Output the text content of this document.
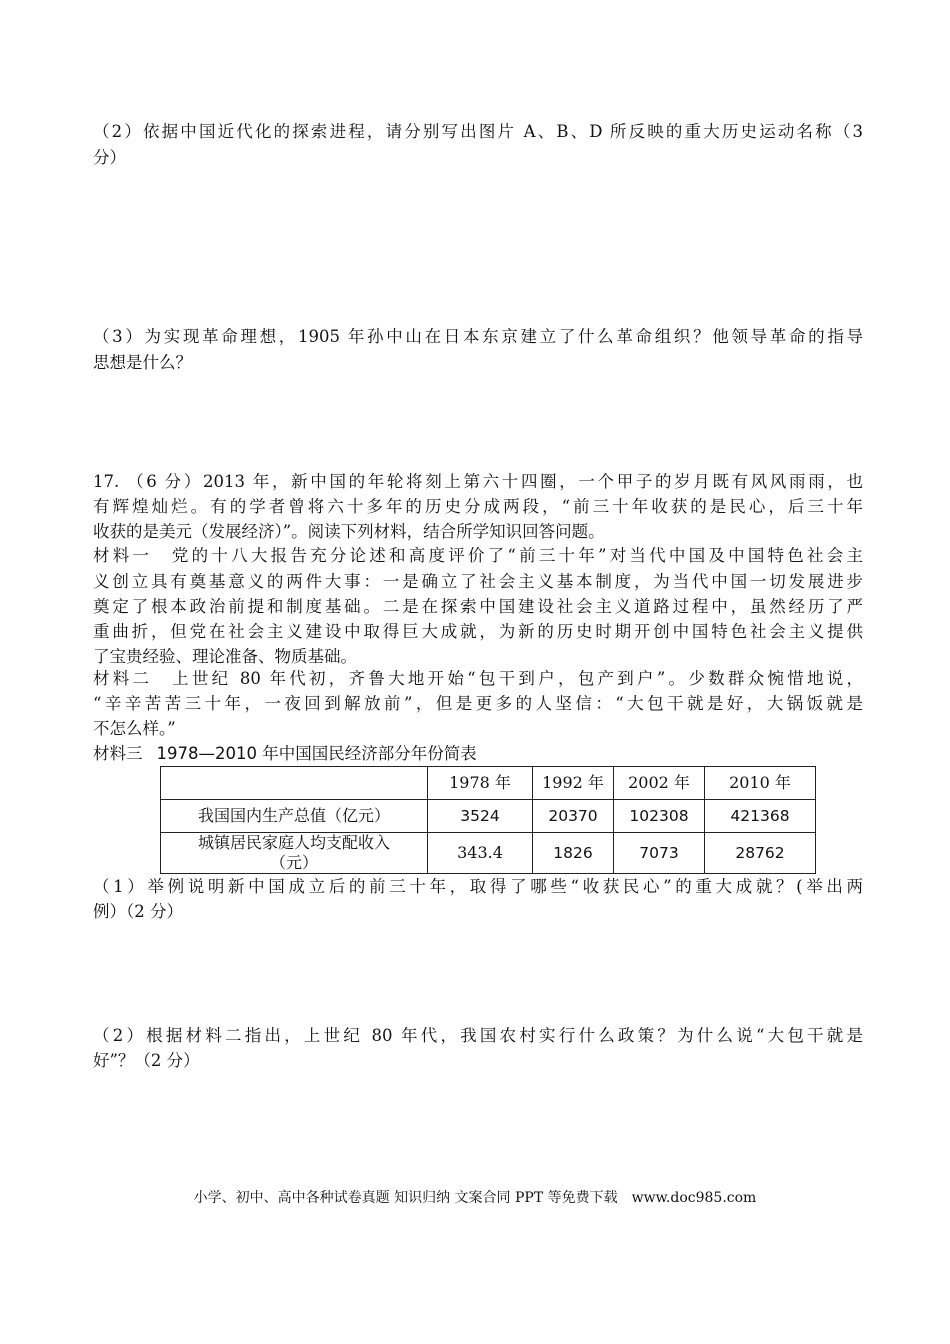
（2）依据中国近代化的探索进程，请分别写出图片 A、B、D 所反映的重大历史运动名称（3
分）
（3）为实现革命理想，1905 年孙中山在日本东京建立了什么革命组织？他领导革命的指导
思想是什么？
17. （6 分）2013 年，新中国的年轮将刻上第六十四圈，一个甲子的岁月既有风风雨雨，也
有辉煌灿烂。有的学者曾将六十多年的历史分成两段，“前三十年收获的是民心，后三十年
收获的是美元（发展经济）”。阅读下列材料，结合所学知识回答问题。
材料一　党的十八大报告充分论述和高度评价了“前三十年”对当代中国及中国特色社会主
义创立具有奠基意义的两件大事：一是确立了社会主义基本制度，为当代中国一切发展进步
奠定了根本政治前提和制度基础。二是在探索中国建设社会主义道路过程中，虽然经历了严
重曲折，但党在社会主义建设中取得巨大成就，为新的历史时期开创中国特色社会主义提供
了宝贵经验、理论准备、物质基础。
材料二　上世纪 80 年代初，齐鲁大地开始“包干到户，包产到户”。少数群众惋惜地说，
“辛辛苦苦三十年，一夜回到解放前”，但是更多的人坚信：“大包干就是好，大锅饭就是
不怎么样。”
材料三 1978—2010 年中国国民经济部分年份简表
	1978 年	1992 年	2002 年	2010 年
我国国内生产总值（亿元）	3524	20370	102308	421368

城镇居民家庭人均支配收入
（元）	343.4	1826	7073	28762
（1）举例说明新中国成立后的前三十年，取得了哪些“收获民心”的重大成就？(举出两
例）（2 分）
（2）根据材料二指出，上世纪 80 年代，我国农村实行什么政策？为什么说“大包干就是
好”？（2 分）
小学、初中、高中各种试卷真题 知识归纳 文案合同 PPT 等免费下载　www.doc985.com
